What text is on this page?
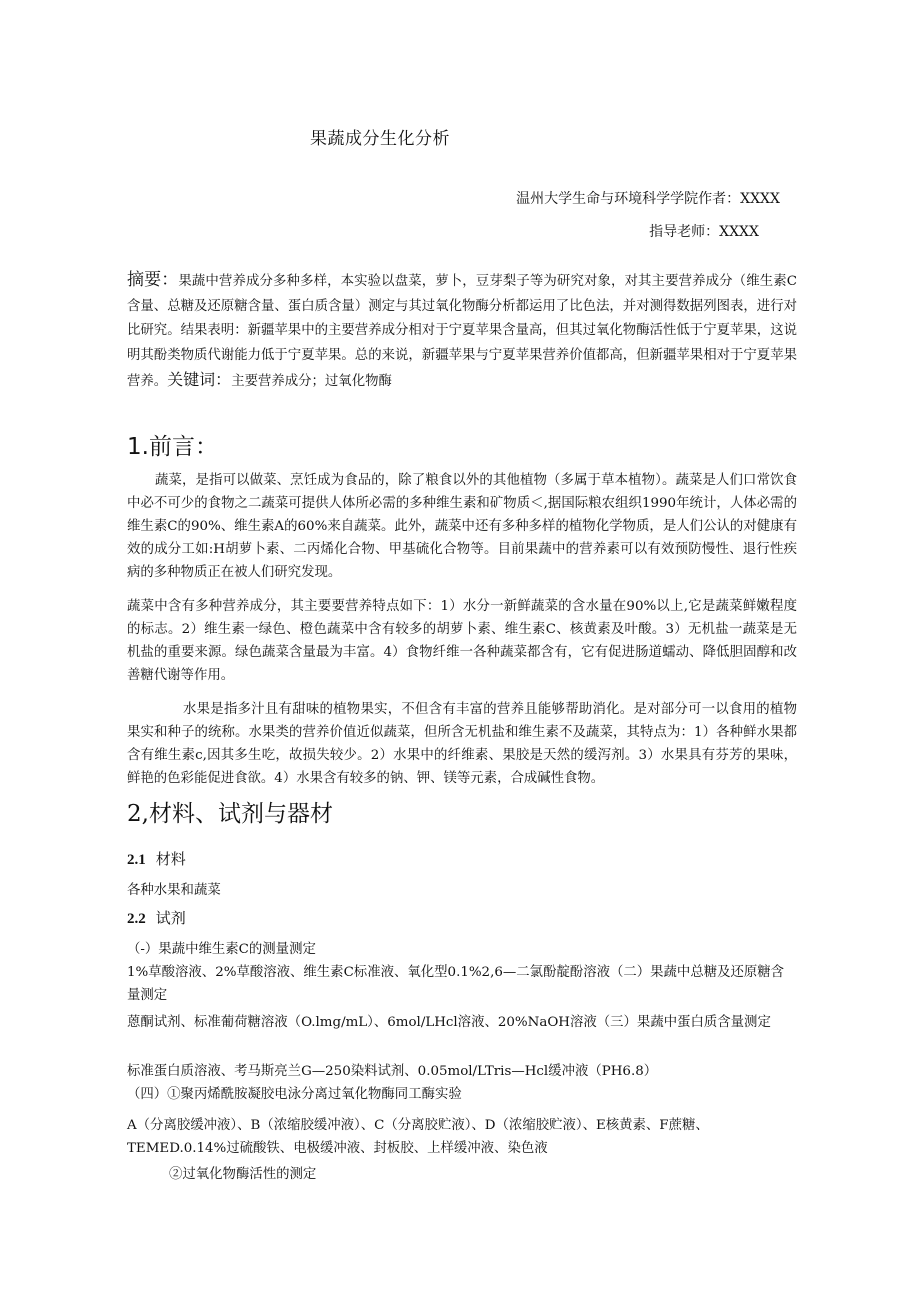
果蔬成分生化分析
温州大学生命与环境科学学院作者：XXXX
指导老师：XXXX
摘要：果蔬中营养成分多种多样，本实验以盘菜，萝卜，豆芽梨子等为研究对象，对其主要营养成分（维生素C含量、总糖及还原糖含量、蛋白质含量）测定与其过氧化物酶分析都运用了比色法，并对测得数据列图表，进行对比研究。结果表明：新疆苹果中的主要营养成分相对于宁夏苹果含量高，但其过氧化物酶活性低于宁夏苹果，这说明其酚类物质代谢能力低于宁夏苹果。总的来说，新疆苹果与宁夏苹果营养价值都高，但新疆苹果相对于宁夏苹果营养。关键词：主要营养成分；过氧化物酶
1.前言：
蔬菜，是指可以做菜、烹饪成为食品的，除了粮食以外的其他植物（多属于草本植物）。蔬菜是人们口常饮食中必不可少的食物之二蔬菜可提供人体所必需的多种维生素和矿物质＜,据国际粮农组织1990年统计，人体必需的维生素C的90%、维生素A的60%来自蔬菜。此外，蔬菜中还有多种多样的植物化学物质，是人们公认的对健康有效的成分工如:H胡萝卜素、二丙烯化合物、甲基硫化合物等。目前果蔬中的营养素可以有效预防慢性、退行性疾病的多种物质正在被人们研究发现。
蔬菜中含有多种营养成分，其主要要营养特点如下：1）水分一新鲜蔬菜的含水量在90%以上,它是蔬菜鲜嫩程度的标志。2）维生素一绿色、橙色蔬菜中含有较多的胡萝卜素、维生素C、核黄素及叶酸。3）无机盐一蔬菜是无机盐的重要来源。绿色蔬菜含量最为丰富。4）食物纤维一各种蔬菜都含有，它有促进肠道蠕动、降低胆固醇和改善糖代谢等作用。
水果是指多汁且有甜味的植物果实，不但含有丰富的营养且能够帮助消化。是对部分可一以食用的植物果实和种子的统称。水果类的营养价值近似蔬菜，但所含无机盐和维生素不及蔬菜，其特点为：1）各种鲜水果都含有维生素c,因其多生吃，故损失较少。2）水果中的纤维素、果胶是天然的缓泻剂。3）水果具有芬芳的果味，鲜艳的色彩能促进食欲。4）水果含有较多的钠、钾、镁等元素，合成碱性食物。
2,材料、试剂与器材
2.1 材料
各种水果和蔬菜
2.2 试剂
（-）果蔬中维生素C的测量测定
1%草酸溶液、2%草酸溶液、维生素C标准液、氧化型0.1%2,6—二氯酚靛酚溶液（二）果蔬中总糖及还原糖含量测定
蒽酮试剂、标准葡荷糖溶液（O.lmg/mL）、6mol/LHcl溶液、20%NaOH溶液（三）果蔬中蛋白质含量测定
标准蛋白质溶液、考马斯亮兰G—250染料试剂、0.05mol/LTris—Hcl缓冲液（PH6.8）
（四）①聚丙烯酰胺凝胶电泳分离过氧化物酶同工酶实验
A（分离胶缓冲液）、B（浓缩胶缓冲液）、C（分离胶贮液）、D（浓缩胶贮液）、E核黄素、F蔗糖、TEMED.0.14%过硫酸铁、电极缓冲液、封板胶、上样缓冲液、染色液
②过氧化物酶活性的测定
